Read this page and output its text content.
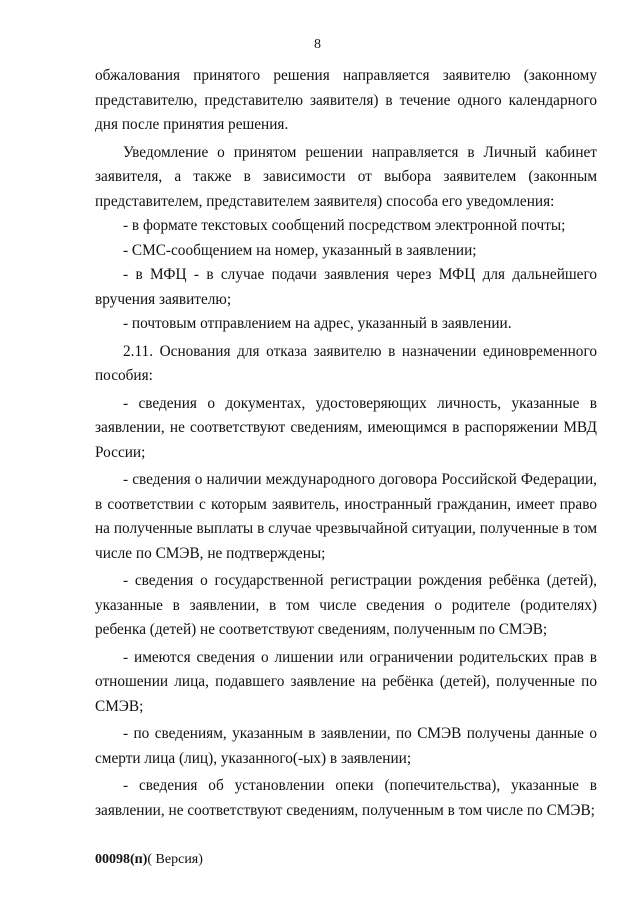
8

обжалования принятого решения направляется заявителю (законному представителю, представителю заявителя) в течение одного календарного дня после принятия решения.

Уведомление о принятом решении направляется в Личный кабинет заявителя, а также в зависимости от выбора заявителем (законным представителем, представителем заявителя) способа его уведомления:

- в формате текстовых сообщений посредством электронной почты;

- СМС-сообщением на номер, указанный в заявлении;

- в МФЦ - в случае подачи заявления через МФЦ для дальнейшего вручения заявителю;

- почтовым отправлением на адрес, указанный в заявлении.

2.11. Основания для отказа заявителю в назначении единовременного пособия:

- сведения о документах, удостоверяющих личность, указанные в заявлении, не соответствуют сведениям, имеющимся в распоряжении МВД России;

- сведения о наличии международного договора Российской Федерации, в соответствии с которым заявитель, иностранный гражданин, имеет право на полученные выплаты в случае чрезвычайной ситуации, полученные в том числе по СМЭВ, не подтверждены;

- сведения о государственной регистрации рождения ребёнка (детей), указанные в заявлении, в том числе сведения о родителе (родителях) ребенка (детей) не соответствуют сведениям, полученным по СМЭВ;

- имеются сведения о лишении или ограничении родительских прав в отношении лица, подавшего заявление на ребёнка (детей), полученные по СМЭВ;

- по сведениям, указанным в заявлении, по СМЭВ получены данные о смерти лица (лиц), указанного(-ых) в заявлении;

- сведения об установлении опеки (попечительства), указанные в заявлении, не соответствуют сведениям, полученным в том числе по СМЭВ;

00098(п)( Версия)
